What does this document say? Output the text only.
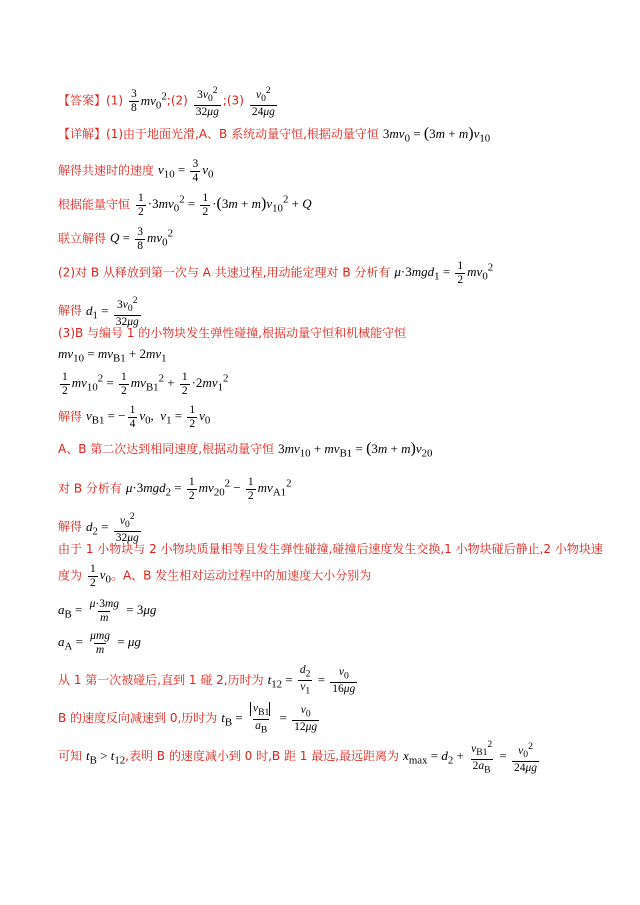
【答案】$(1) \frac{3}{8}$ $mv_0^2;(2) \frac{3v_0^2}{32\mu g}$ ;(3) $\frac{v_0^2}{24\mu g}$
【详解】(1)由于地面光滑,A、B 系统动量守恒,根据动量守恒 $3mv_0 = (3m + m)v_{10}$
解得共速时的速度 $v_{10} = \frac{3}{4} v_0$
根据能量守恒 $\frac{1}{2} \cdot 3mv_0^2 = \frac{1}{2} \cdot(3m + m)v_{10}^2 + Q$
联立解得 $Q = \frac{3}{8} mv_0^2$
(2)对 B 从释放到第一次与 A 共速过程,用动能定理对 B 分析有 $\mu\cdot 3mgd_1 = \frac{1}{2} mv_0^2$
解得 $d_1 = \frac{3v_0^2}{32\mu g}$
(3)B 与编号 1 的小物块发生弹性碰撞,根据动量守恒和机械能守恒
$mv_{10} = mv_{B1} + 2mv_1$
$\frac{1}{2} mv_{10}^2 = \frac{1}{2} mv_{B1}^2 + \frac{1}{2} \cdot 2mv_1^2$
解得 $v_{B1}$ = − $\frac{1}{4} v_0$,  $v_1 = \frac{1}{2} v_0$
A、B 第二次达到相同速度,根据动量守恒 $3mv_{10} + mv_{B1} = (3m + m)v_{20}$
对 B 分析有 $\mu\cdot 3mgd_2 = \frac{1}{2} mv_{20}^2 - \frac{1}{2} mv_{A1}^2$
解得 $d_2 = \frac{v_0^2}{32\mu g}$
由于 1 小物块与 2 小物块质量相等且发生弹性碰撞,碰撞后速度发生交换,1 小物块碰后静止,2 小物块速
度为 $\frac{1}{2} v_0$。A、B 发生相对运动过程中的加速度大小分别为
$a_B = \frac{\mu\cdot 3mg}{m} = 3\mu g$
$a_A = \mu mg$
m
= μg
从 1 第一次被碰后,直到 1 碰 2,历时为 $t_{12} = \frac{d_2}{v_1} = \frac{v_0}{16\mu g}$
B 的速度反向减速到 0,历时为 $t_B = \frac{v_{B1}}{a_B} = \frac{v_0}{12\mu g}$
可知 $t_B > t_{12}$,表明 B 的速度减小到 0 时,B 距 1 最远,最远距离为 $x_{max} = d_2 + \frac{v_{B1}^2}{2a_B} = \frac{v_0^2}{24\mu g}$
